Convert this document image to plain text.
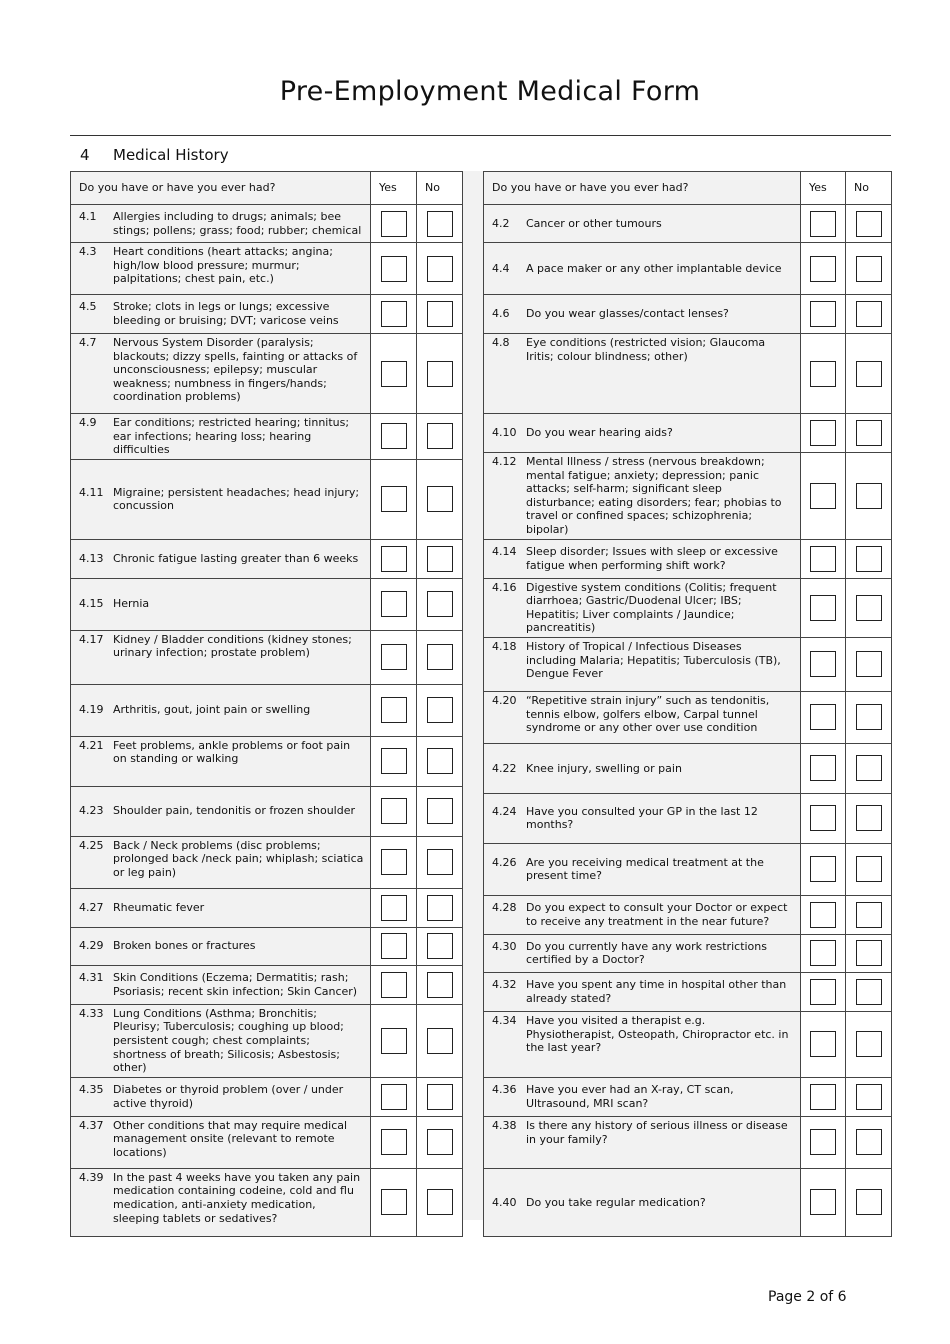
Pre-Employment Medical Form
4 Medical History
Do you have or have you ever had?	Yes	No

4.1 Allergies including to drugs; animals; bee stings; pollens; grass; food; rubber; chemical		

4.3 Heart conditions (heart attacks; angina; high/low blood pressure; murmur; palpitations; chest pain, etc.)		

4.5 Stroke; clots in legs or lungs; excessive bleeding or bruising; DVT; varicose veins		

4.7 Nervous System Disorder (paralysis; blackouts; dizzy spells, fainting or attacks of unconsciousness; epilepsy; muscular weakness; numbness in fingers/hands; coordination problems)		

4.9 Ear conditions; restricted hearing; tinnitus; ear infections; hearing loss; hearing difficulties		

4.11 Migraine; persistent headaches; head injury; concussion		

4.13 Chronic fatigue lasting greater than 6 weeks		

4.15 Hernia		

4.17 Kidney / Bladder conditions (kidney stones; urinary infection; prostate problem)		

4.19 Arthritis, gout, joint pain or swelling		

4.21 Feet problems, ankle problems or foot pain on standing or walking		

4.23 Shoulder pain, tendonitis or frozen shoulder		

4.25 Back / Neck problems (disc problems; prolonged back /neck pain; whiplash; sciatica or leg pain)		

4.27 Rheumatic fever		

4.29 Broken bones or fractures		

4.31 Skin Conditions (Eczema; Dermatitis; rash; Psoriasis; recent skin infection; Skin Cancer)		

4.33 Lung Conditions (Asthma; Bronchitis; Pleurisy; Tuberculosis; coughing up blood; persistent cough; chest complaints; shortness of breath; Silicosis; Asbestosis; other)		

4.35 Diabetes or thyroid problem (over / under active thyroid)		

4.37 Other conditions that may require medical management onsite (relevant to remote locations)		

4.39 In the past 4 weeks have you taken any pain medication containing codeine, cold and flu medication, anti-anxiety medication, sleeping tablets or sedatives?		

Do you have or have you ever had?	Yes	No

4.2 Cancer or other tumours		

4.4 A pace maker or any other implantable device		

4.6 Do you wear glasses/contact lenses?		

4.8 Eye conditions (restricted vision; Glaucoma Iritis; colour blindness; other)		

4.10 Do you wear hearing aids?		

4.12 Mental Illness / stress (nervous breakdown; mental fatigue; anxiety; depression; panic attacks; self-harm; significant sleep disturbance; eating disorders; fear; phobias to travel or confined spaces; schizophrenia; bipolar)		

4.14 Sleep disorder; Issues with sleep or excessive fatigue when performing shift work?		

4.16 Digestive system conditions (Colitis; frequent diarrhoea; Gastric/Duodenal Ulcer; IBS; Hepatitis; Liver complaints / Jaundice; pancreatitis)		

4.18 History of Tropical / Infectious Diseases including Malaria; Hepatitis; Tuberculosis (TB), Dengue Fever		

4.20 “Repetitive strain injury” such as tendonitis, tennis elbow, golfers elbow, Carpal tunnel syndrome or any other over use condition		

4.22 Knee injury, swelling or pain		

4.24 Have you consulted your GP in the last 12 months?		

4.26 Are you receiving medical treatment at the present time?		

4.28 Do you expect to consult your Doctor or expect to receive any treatment in the near future?		

4.30 Do you currently have any work restrictions certified by a Doctor?		

4.32 Have you spent any time in hospital other than already stated?		

4.34 Have you visited a therapist e.g. Physiotherapist, Osteopath, Chiropractor etc. in the last year?		

4.36 Have you ever had an X-ray, CT scan, Ultrasound, MRI scan?		

4.38 Is there any history of serious illness or disease in your family?		

4.40 Do you take regular medication?		

Page 2 of 6
